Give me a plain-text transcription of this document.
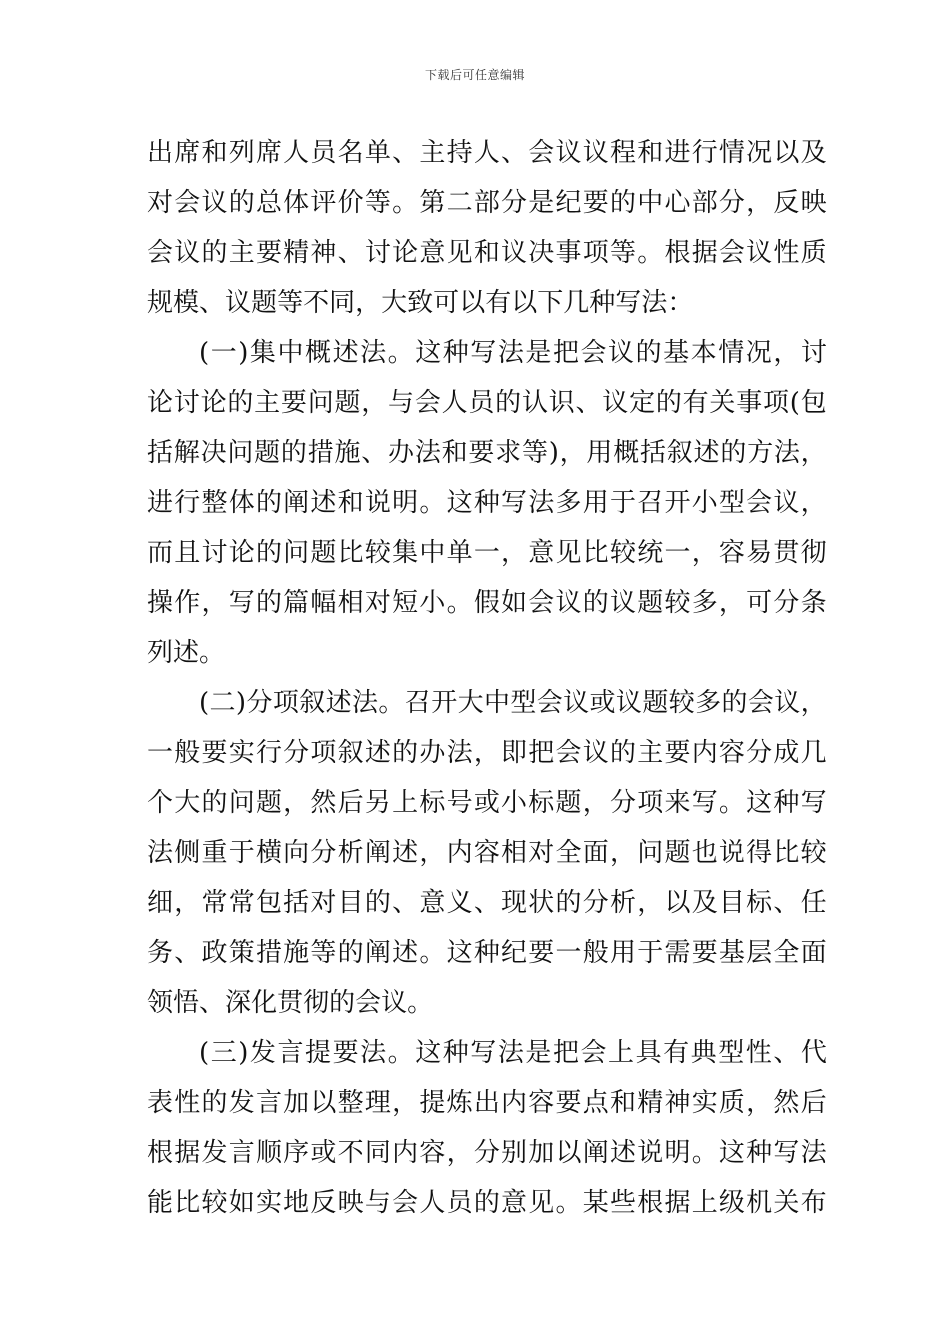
下载后可任意编辑
出 席 和 列 席 人 员 名 单 、 主 持 人 、 会 议 议 程 和 进 行 情 况 以 及
对 会 议 的 总 体 评 价 等 。 第 二 部 分 是 纪 要 的 中 心 部 分 ， 反 映
会 议 的 主 要 精 神 、 讨 论 意 见 和 议 决 事 项 等 。 根 据 会 议 性 质
规 模 、 议 题 等 不 同 ， 大 致 可 以 有 以 下 几 种 写 法 ：
( 一 ) 集 中 概 述 法 。 这 种 写 法 是 把 会 议 的 基 本 情 况 ， 讨
论 讨 论 的 主 要 问 题 ， 与 会 人 员 的 认 识 、 议 定 的 有 关 事 项 ( 包
括 解 决 问 题 的 措 施 、 办 法 和 要 求 等 ) ， 用 概 括 叙 述 的 方 法 ，
进 行 整 体 的 阐 述 和 说 明 。 这 种 写 法 多 用 于 召 开 小 型 会 议 ，
而 且 讨 论 的 问 题 比 较 集 中 单 一 ， 意 见 比 较 统 一 ， 容 易 贯 彻
操 作 ， 写 的 篇 幅 相 对 短 小 。 假 如 会 议 的 议 题 较 多 ， 可 分 条
列 述 。
( 二 ) 分 项 叙 述 法 。 召 开 大 中 型 会 议 或 议 题 较 多 的 会 议 ，
一 般 要 实 行 分 项 叙 述 的 办 法 ， 即 把 会 议 的 主 要 内 容 分 成 几
个 大 的 问 题 ， 然 后 另 上 标 号 或 小 标 题 ， 分 项 来 写 。 这 种 写
法 侧 重 于 横 向 分 析 阐 述 ， 内 容 相 对 全 面 ， 问 题 也 说 得 比 较
细 ， 常 常 包 括 对 目 的 、 意 义 、 现 状 的 分 析 ， 以 及 目 标 、 任
务 、 政 策 措 施 等 的 阐 述 。 这 种 纪 要 一 般 用 于 需 要 基 层 全 面
领 悟 、 深 化 贯 彻 的 会 议 。
( 三 ) 发 言 提 要 法 。 这 种 写 法 是 把 会 上 具 有 典 型 性 、 代
表 性 的 发 言 加 以 整 理 ， 提 炼 出 内 容 要 点 和 精 神 实 质 ， 然 后
根 据 发 言 顺 序 或 不 同 内 容 ， 分 别 加 以 阐 述 说 明 。 这 种 写 法
能 比 较 如 实 地 反 映 与 会 人 员 的 意 见 。 某 些 根 据 上 级 机 关 布
